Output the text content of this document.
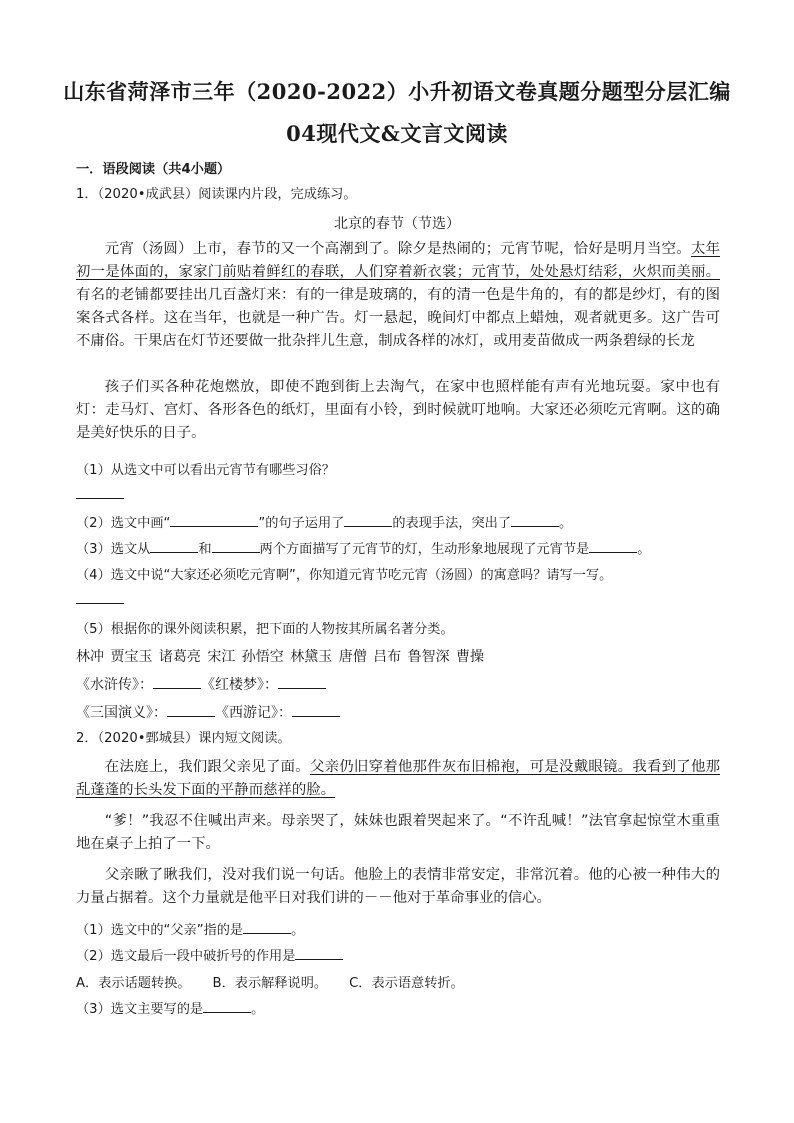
山东省菏泽市三年（2020-2022）小升初语文卷真题分题型分层汇编
04现代文&文言文阅读
一．语段阅读（共4小题）
1．（2020•成武县）阅读课内片段，完成练习。
北京的春节（节选）
元宵（汤圆）上市，春节的又一个高潮到了。除夕是热闹的；元宵节呢，恰好是明月当空。太年初一是体面的，家家门前贴着鲜红的春联，人们穿着新衣裳；元宵节，处处悬灯结彩，火炽而美丽。有名的老铺都要挂出几百盏灯来：有的一律是玻璃的，有的清一色是牛角的，有的都是纱灯，有的图案各式各样。这在当年，也就是一种广告。灯一悬起，晚间灯中都点上蜡烛，观者就更多。这广告可不庸俗。干果店在灯节还要做一批杂拌儿生意，制成各样的冰灯，或用麦苗做成一两条碧绿的长龙
孩子们买各种花炮燃放，即使不跑到街上去淘气，在家中也照样能有声有光地玩耍。家中也有灯：走马灯、宫灯、各形各色的纸灯，里面有小铃，到时候就叮地响。大家还必须吃元宵啊。这的确是美好快乐的日子。
（1）从选文中可以看出元宵节有哪些习俗？
（2）选文中画“	”的句子运用了	的表现手法，突出了	。
（3）选文从	和	两个方面描写了元宵节的灯，生动形象地展现了元宵节是	。
（4）选文中说“大家还必须吃元宵啊”，你知道元宵节吃元宵（汤圆）的寓意吗？请写一写。
（5）根据你的课外阅读积累，把下面的人物按其所属名著分类。
林冲 贾宝玉 诸葛亮 宋江 孙悟空 林黛玉 唐僧 吕布 鲁智深 曹操
《水浒传》：	《红楼梦》：
《三国演义》：	《西游记》：
2．（2020•鄄城县）课内短文阅读。
在法庭上，我们跟父亲见了面。父亲仍旧穿着他那件灰布旧棉袍，可是没戴眼镜。我看到了他那乱蓬蓬的长头发下面的平静而慈祥的脸。
“爹！”我忍不住喊出声来。母亲哭了，妹妹也跟着哭起来了。“不许乱喊！”法官拿起惊堂木重重地在桌子上拍了一下。
父亲瞅了瞅我们，没对我们说一句话。他脸上的表情非常安定，非常沉着。他的心被一种伟大的力量占据着。这个力量就是他平日对我们讲的－－他对于革命事业的信心。
（1）选文中的“父亲”指的是	。
（2）选文最后一段中破折号的作用是
A．表示话题转换。 B．表示解释说明。 C．表示语意转折。
（3）选文主要写的是	。
